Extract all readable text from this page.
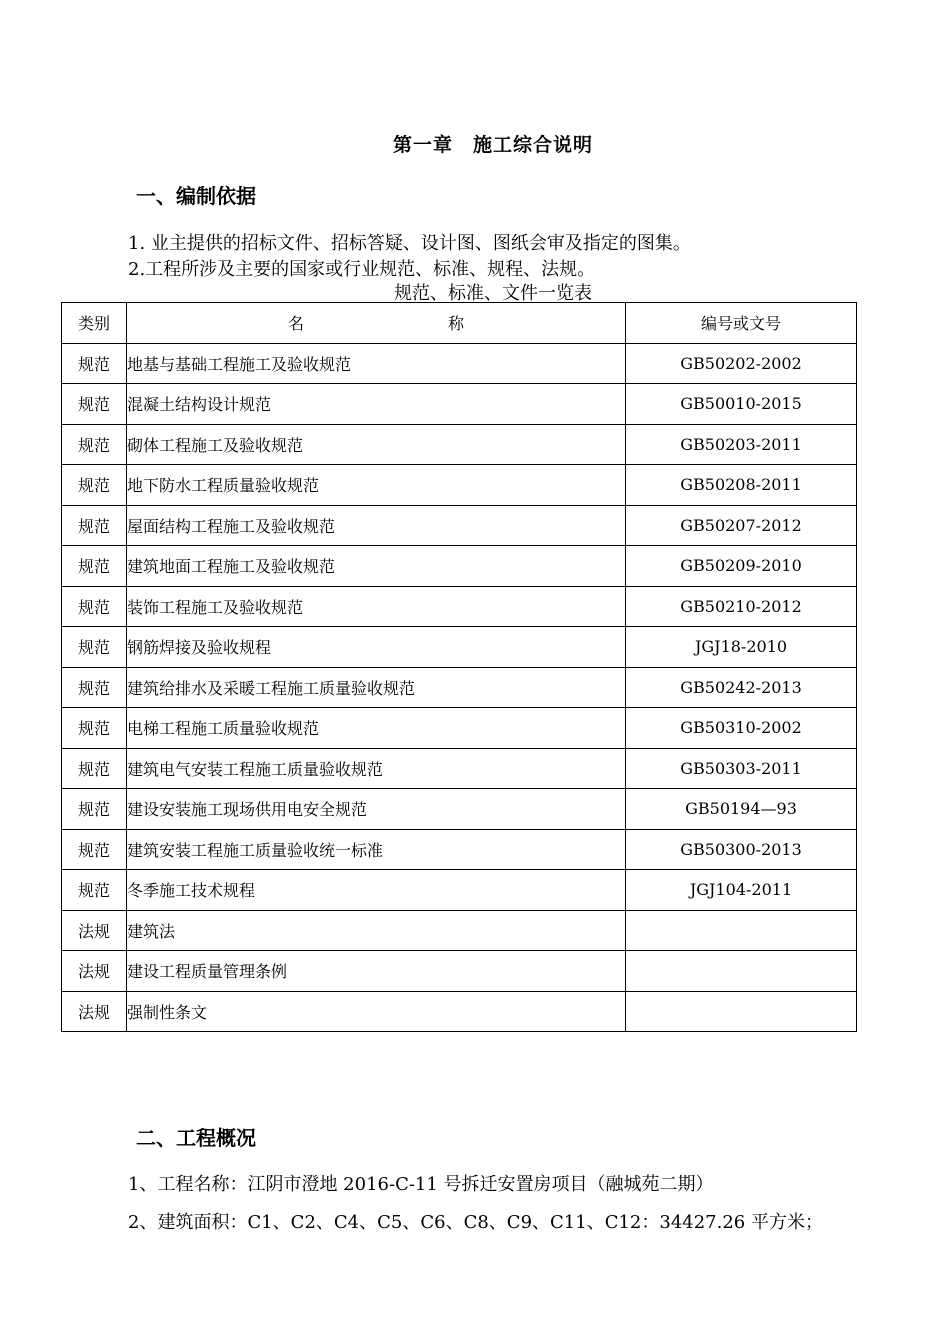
第一章　施工综合说明
一、编制依据
1. 业主提供的招标文件、招标答疑、设计图、图纸会审及指定的图集。
2.工程所涉及主要的国家或行业规范、标准、规程、法规。
规范、标准、文件一览表
类别	名　　　　　　　　　称	编号或文号
规范	地基与基础工程施工及验收规范	GB50202-2002
规范	混凝土结构设计规范	GB50010-2015
规范	砌体工程施工及验收规范	GB50203-2011
规范	地下防水工程质量验收规范	GB50208-2011
规范	屋面结构工程施工及验收规范	GB50207-2012
规范	建筑地面工程施工及验收规范	GB50209-2010
规范	装饰工程施工及验收规范	GB50210-2012
规范	钢筋焊接及验收规程	JGJ18-2010
规范	建筑给排水及采暖工程施工质量验收规范	GB50242-2013
规范	电梯工程施工质量验收规范	GB50310-2002
规范	建筑电气安装工程施工质量验收规范	GB50303-2011
规范	建设安装施工现场供用电安全规范	GB50194—93
规范	建筑安装工程施工质量验收统一标准	GB50300-2013
规范	冬季施工技术规程	JGJ104-2011
法规	建筑法	
法规	建设工程质量管理条例	
法规	强制性条文	
二、工程概况
1、工程名称：江阴市澄地 2016-C-11 号拆迁安置房项目（融城苑二期）
2、建筑面积：C1、C2、C4、C5、C6、C8、C9、C11、C12：34427.26 平方米；
